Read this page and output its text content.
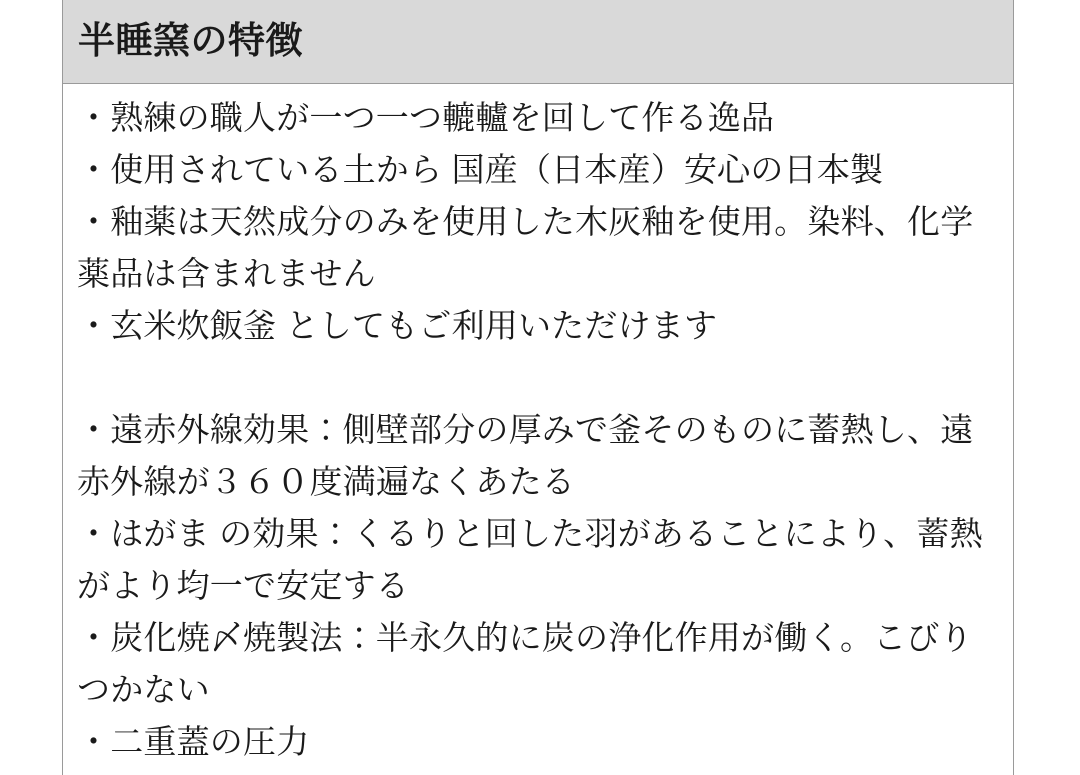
半睡窯の特徴
・熟練の職人が一つ一つ轆轤を回して作る逸品
・使用されている土から 国産（日本産）安心の日本製
・釉薬は天然成分のみを使用した木灰釉を使用。染料、化学薬品は含まれません
・玄米炊飯釜 としてもご利用いただけます
・遠赤外線効果：側壁部分の厚みで釜そのものに蓄熱し、遠赤外線が３６０度満遍なくあたる
・はがま の効果：くるりと回した羽があることにより、蓄熱がより均一で安定する
・炭化焼〆焼製法：半永久的に炭の浄化作用が働く。こびりつかない
・二重蓋の圧力
